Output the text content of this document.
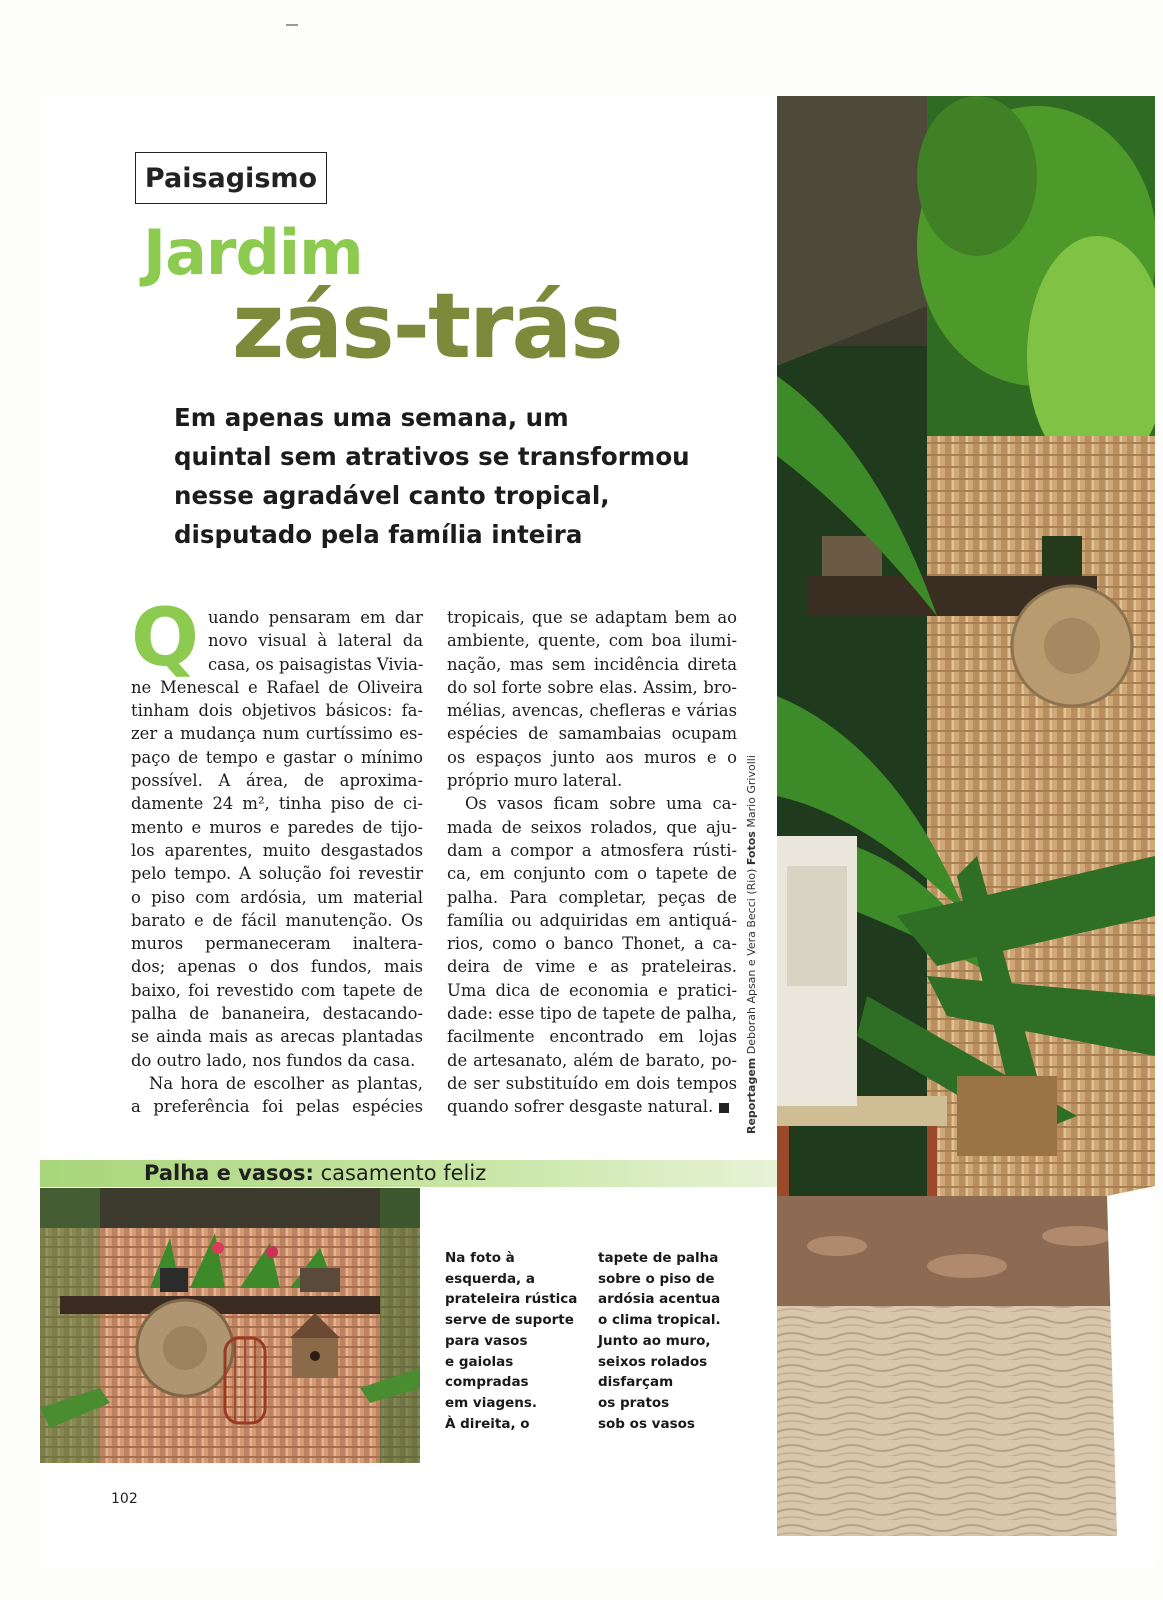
Paisagismo
Jardim
zás-trás
Em apenas uma semana, um
quintal sem atrativos se transformou
nesse agradável canto tropical,
disputado pela família inteira
Q uando pensaram em dar
novo visual à lateral da
casa, os paisagistas Vivia-
ne Menescal e Rafael de Oliveira
tinham dois objetivos básicos: fa-
zer a mudança num curtíssimo es-
paço de tempo e gastar o mínimo
possível. A área, de aproxima-
damente 24 m², tinha piso de ci-
mento e muros e paredes de tijo-
los aparentes, muito desgastados
pelo tempo. A solução foi revestir
o piso com ardósia, um material
barato e de fácil manutenção. Os
muros permaneceram inaltera-
dos; apenas o dos fundos, mais
baixo, foi revestido com tapete de
palha de bananeira, destacando-
se ainda mais as arecas plantadas
do outro lado, nos fundos da casa.
Na hora de escolher as plantas,
a preferência foi pelas espécies
tropicais, que se adaptam bem ao
ambiente, quente, com boa ilumi-
nação, mas sem incidência direta
do sol forte sobre elas. Assim, bro-
mélias, avencas, chefleras e várias
espécies de samambaias ocupam
os espaços junto aos muros e o
próprio muro lateral.
Os vasos ficam sobre uma ca-
mada de seixos rolados, que aju-
dam a compor a atmosfera rústi-
ca, em conjunto com o tapete de
palha. Para completar, peças de
família ou adquiridas em antiquá-
rios, como o banco Thonet, a ca-
deira de vime e as prateleiras.
Uma dica de economia e pratici-
dade: esse tipo de tapete de palha,
facilmente encontrado em lojas
de artesanato, além de barato, po-
de ser substituído em dois tempos
quando sofrer desgaste natural.	Reportagem Deborah Apsan e Vera Becci (Rio) Fotos Mario Grivolli
Palha e vasos: casamento feliz
Na foto à
esquerda, a
prateleira rústica
serve de suporte
para vasos
e gaiolas
compradas
em viagens.
À direita, o
tapete de palha
sobre o piso de
ardósia acentua
o clima tropical.
Junto ao muro,
seixos rolados
disfarçam
os pratos
sob os vasos
102
